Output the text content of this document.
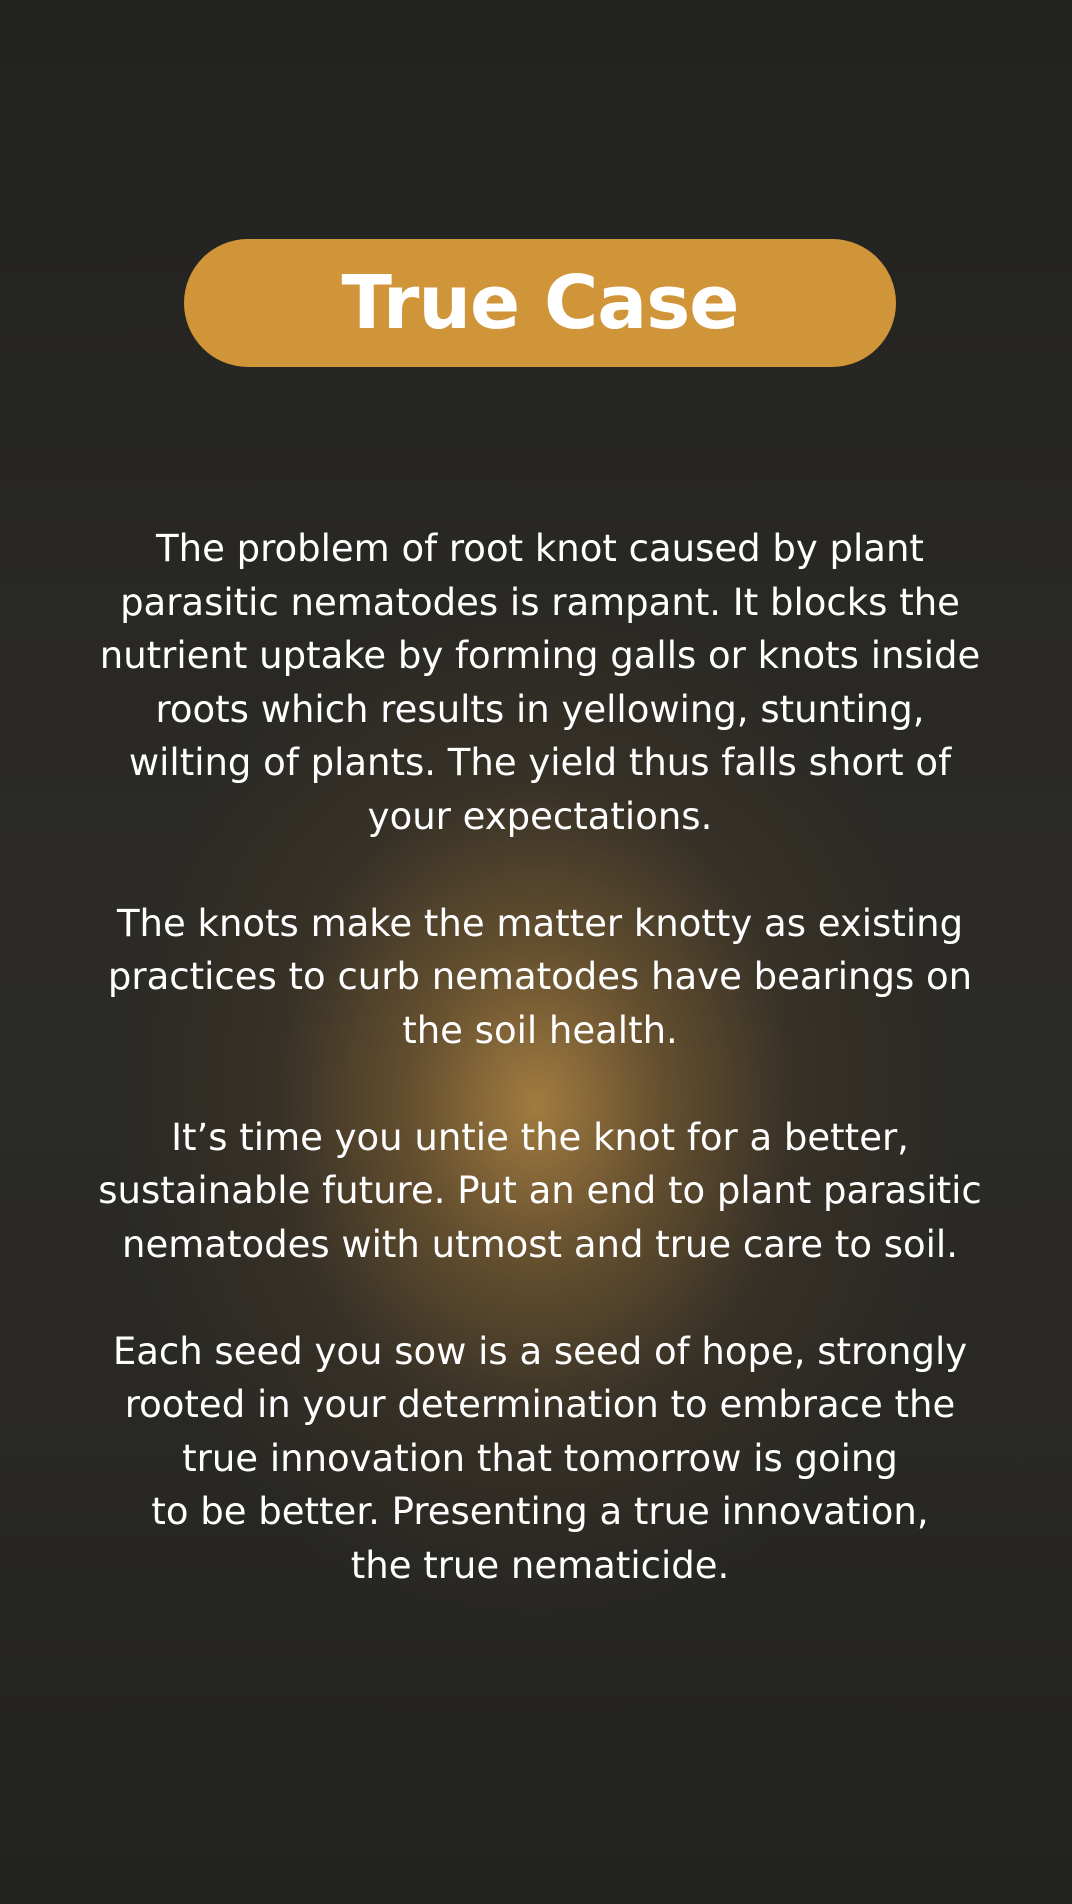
True Case

The problem of root knot caused by plant
parasitic nematodes is rampant. It blocks the
nutrient uptake by forming galls or knots inside
roots which results in yellowing, stunting,
wilting of plants. The yield thus falls short of
your expectations.

The knots make the matter knotty as existing
practices to curb nematodes have bearings on
the soil health.

It’s time you untie the knot for a better,
sustainable future. Put an end to plant parasitic
nematodes with utmost and true care to soil.

Each seed you sow is a seed of hope, strongly
rooted in your determination to embrace the
true innovation that tomorrow is going
to be better. Presenting a true innovation,
the true nematicide.
